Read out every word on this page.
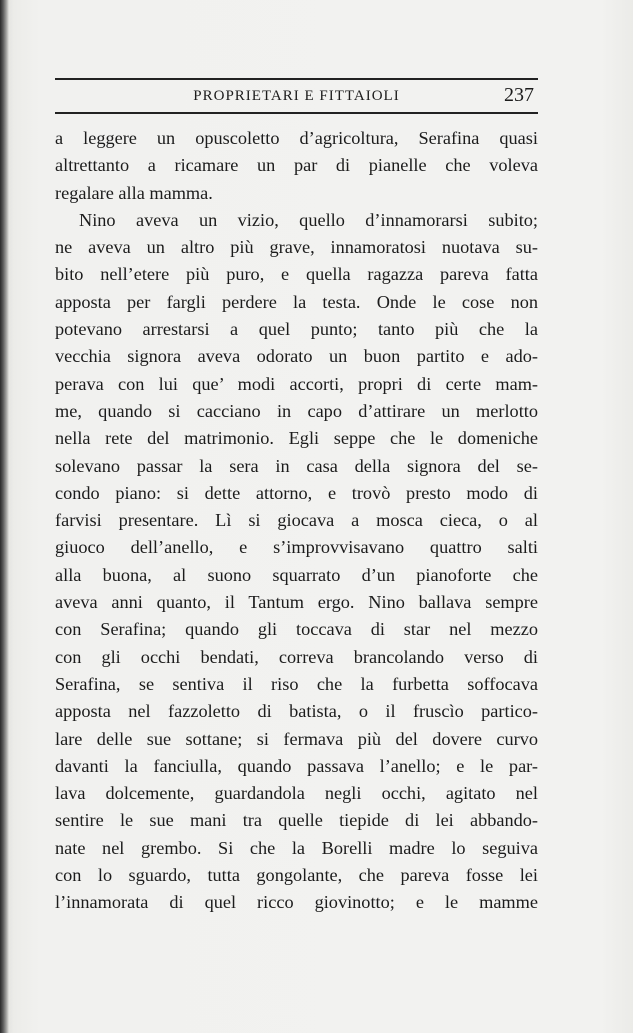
PROPRIETARI E FITTAIOLI	237
a leggere un opuscoletto d’agricoltura, Serafina quasi
altrettanto a ricamare un par di pianelle che voleva
regalare alla mamma.
Nino aveva un vizio, quello d’innamorarsi subito;
ne aveva un altro più grave, innamoratosi nuotava su-
bito nell’etere più puro, e quella ragazza pareva fatta
apposta per fargli perdere la testa. Onde le cose non
potevano arrestarsi a quel punto; tanto più che la
vecchia signora aveva odorato un buon partito e ado-
perava con lui que’ modi accorti, propri di certe mam-
me, quando si cacciano in capo d’attirare un merlotto
nella rete del matrimonio. Egli seppe che le domeniche
solevano passar la sera in casa della signora del se-
condo piano: si dette attorno, e trovò presto modo di
farvisi presentare. Lì si giocava a mosca cieca, o al
giuoco dell’anello, e s’improvvisavano quattro salti
alla buona, al suono squarrato d’un pianoforte che
aveva anni quanto, il Tantum ergo. Nino ballava sempre
con Serafina; quando gli toccava di star nel mezzo
con gli occhi bendati, correva brancolando verso di
Serafina, se sentiva il riso che la furbetta soffocava
apposta nel fazzoletto di batista, o il fruscìo partico-
lare delle sue sottane; si fermava più del dovere curvo
davanti la fanciulla, quando passava l’anello; e le par-
lava dolcemente, guardandola negli occhi, agitato nel
sentire le sue mani tra quelle tiepide di lei abbando-
nate nel grembo. Si che la Borelli madre lo seguiva
con lo sguardo, tutta gongolante, che pareva fosse lei
l’innamorata di quel ricco giovinotto; e le mamme
